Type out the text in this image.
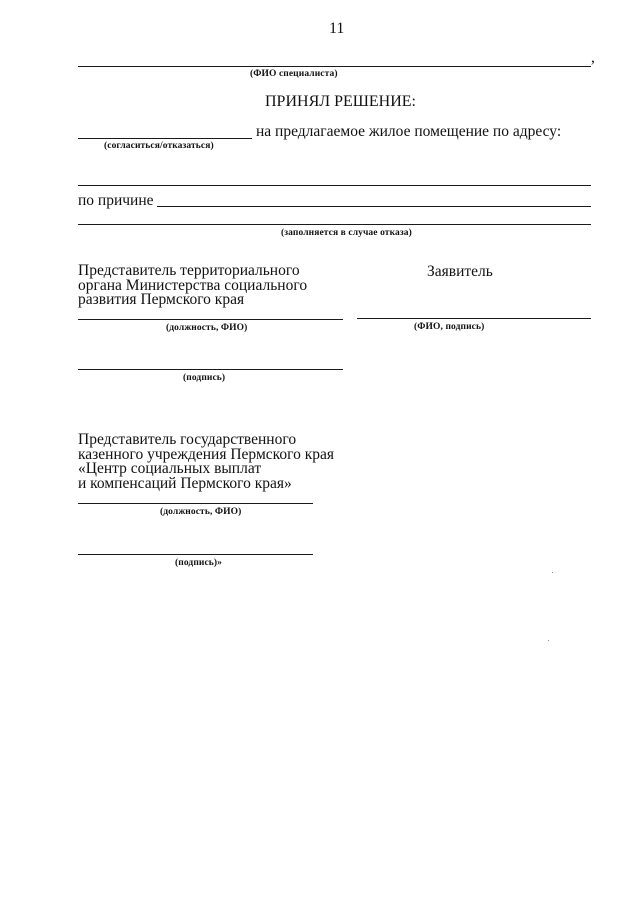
11
,
(ФИО специалиста)
ПРИНЯЛ РЕШЕНИЕ:
на предлагаемое жилое помещение по адресу:
(согласиться/отказаться)
по причине
(заполняется в случае отказа)
Представитель территориального
органа Министерства социального
развития Пермского края
Заявитель
(должность, ФИО)	(ФИО, подпись)
(подпись)
Представитель государственного
казенного учреждения Пермского края
«Центр социальных выплат
и компенсаций Пермского края»
(должность, ФИО)
(подпись)»
